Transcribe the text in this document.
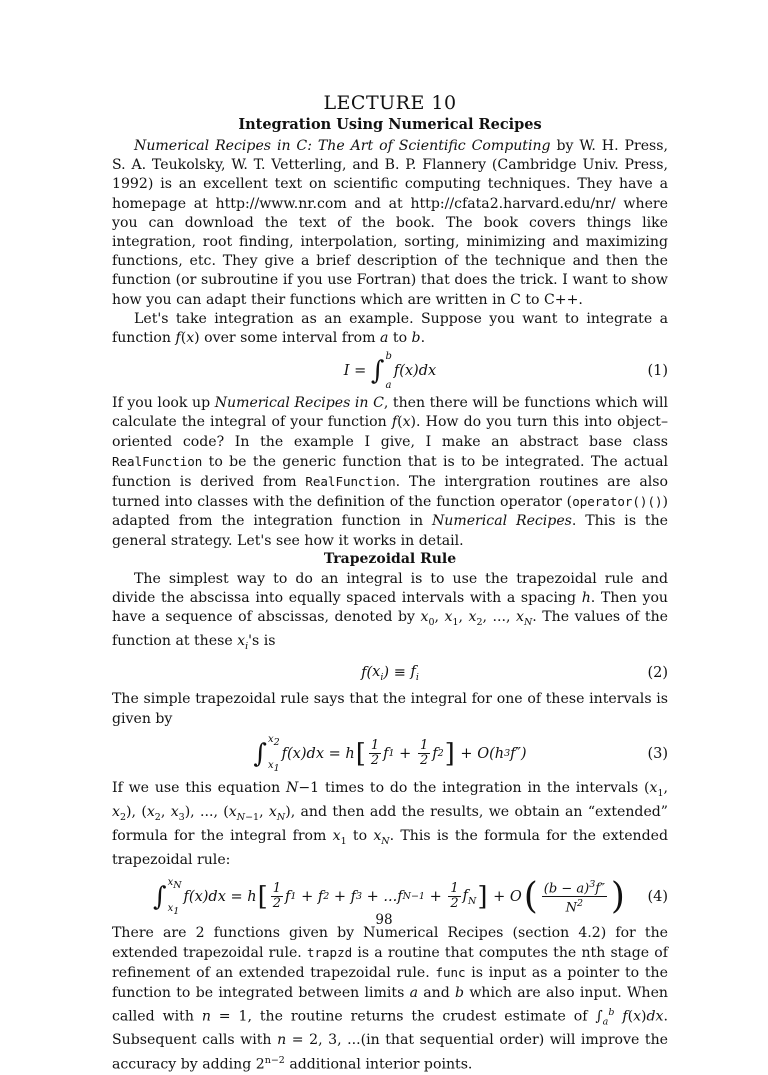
LECTURE 10
Integration Using Numerical Recipes

Numerical Recipes in C: The Art of Scientific Computing by W. H. Press, S. A. Teukolsky, W. T. Vetterling, and B. P. Flannery (Cambridge Univ. Press, 1992) is an excellent text on scientific computing techniques. They have a homepage at http://www.nr.com and at http://cfata2.harvard.edu/nr/ where you can download the text of the book. The book covers things like integration, root finding, interpolation, sorting, minimizing and maximizing functions, etc. They give a brief description of the technique and then the function (or subroutine if you use Fortran) that does the trick. I want to show how you can adapt their functions which are written in C to C++.

Let's take integration as an example. Suppose you want to integrate a function f(x) over some interval from a to b.

I
=
∫ b
a
f(x)dx	(1)

If you look up Numerical Recipes in C, then there will be functions which will calculate the integral of your function f(x). How do you turn this into object–oriented code? In the example I give, I make an abstract base class RealFunction to be the generic function that is to be integrated. The actual function is derived from RealFunction. The intergration routines are also turned into classes with the definition of the function operator (operator()()) adapted from the integration function in Numerical Recipes. This is the general strategy. Let's see how it works in detail.

Trapezoidal Rule

The simplest way to do an integral is to use the trapezoidal rule and divide the abscissa into equally spaced intervals with a spacing h. Then you have a sequence of abscissas, denoted by $x_0$, $x_1$, $x_2$, ..., $x_N$. The values of the function at these $x_i's$ is

f ( $x_i$ ) ≡
$f_i$	(2)

The simple trapezoidal rule says that the integral for one of these intervals is given by

∫ $x_2$
$x_1$
f ( x ) dx
=
h [ $\frac{1}{2}$ f $1 + \frac{1}{2}$ f 2 ] + O ( h 3 f ″)	(3)

If we use this equation N−1 times to do the integration in the intervals ($x_1$, $x_2$), ($x_2$, $x_3$), ..., ($x_{N-1}$, $x_N$), and then add the results, we obtain an “extended” formula for the integral from $x_1$ to $x_N$. This is the formula for the extended trapezoidal rule:

∫ $x_N$
$x_1$
f ( x ) dx
=
h [ $\frac{1}{2}$ f 1 + f 2 + f 3 + ... f $N-1 + \frac{1}{2} f_N$ ] + O ( $\frac{(b - a)^3f''}{N^2}$ ) (4)

There are 2 functions given by Numerical Recipes (section 4.2) for the extended trapezoidal rule. trapzd is a routine that computes the nth stage of refinement of an extended trapezoidal rule. func is input as a pointer to the function to be integrated between limits a and b which are also input. When called with n = 1, the routine returns the crudest estimate of $\int_a^b$ f(x)dx. Subsequent calls with n = 2, 3, ...(in that sequential order) will improve the accuracy by adding $2^{n-2}$ additional interior points.

98
